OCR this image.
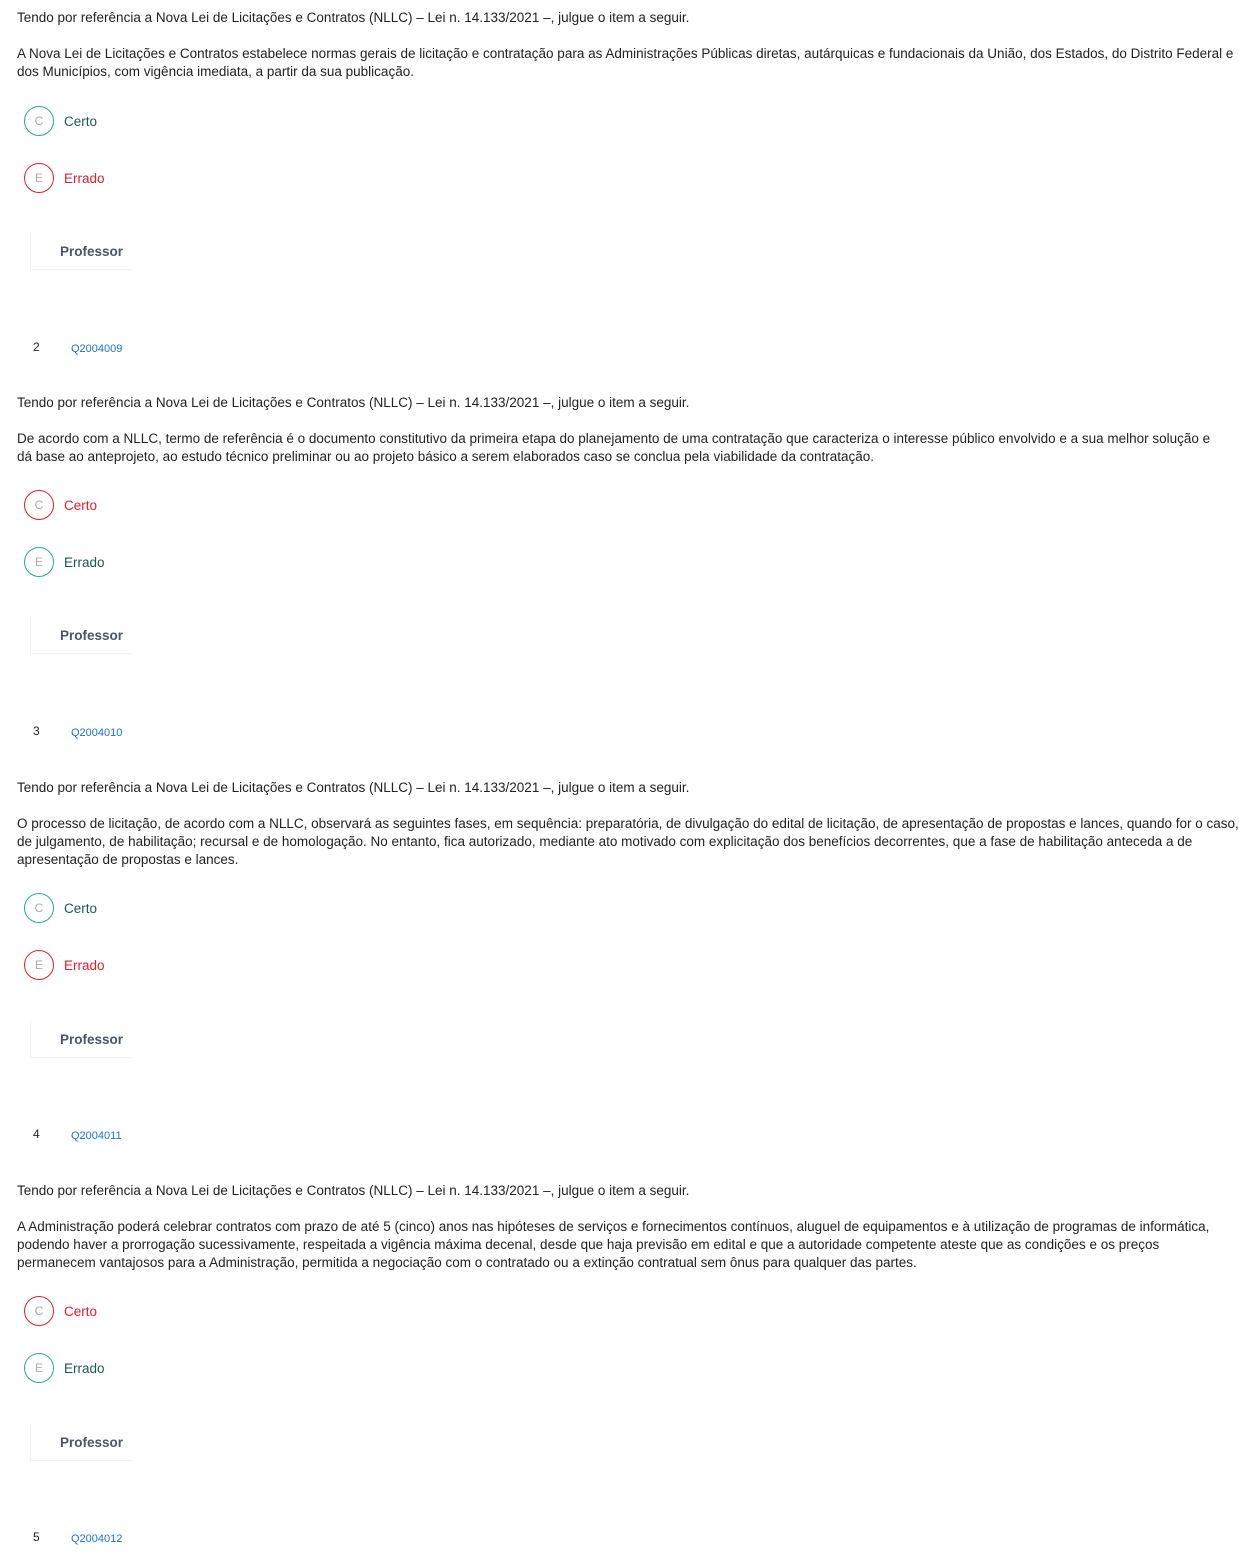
Tendo por referência a Nova Lei de Licitações e Contratos (NLLC) – Lei n. 14.133/2021 –, julgue o item a seguir.
A Nova Lei de Licitações e Contratos estabelece normas gerais de licitação e contratação para as Administrações Públicas diretas, autárquicas e fundacionais da União, dos Estados, do Distrito Federal e
dos Municípios, com vigência imediata, a partir da sua publicação.
C	Certo
E	Errado
Professor
2	Q2004009
Tendo por referência a Nova Lei de Licitações e Contratos (NLLC) – Lei n. 14.133/2021 –, julgue o item a seguir.
De acordo com a NLLC, termo de referência é o documento constitutivo da primeira etapa do planejamento de uma contratação que caracteriza o interesse público envolvido e a sua melhor solução e
dá base ao anteprojeto, ao estudo técnico preliminar ou ao projeto básico a serem elaborados caso se conclua pela viabilidade da contratação.
C	Certo
E	Errado
Professor
3	Q2004010
Tendo por referência a Nova Lei de Licitações e Contratos (NLLC) – Lei n. 14.133/2021 –, julgue o item a seguir.
O processo de licitação, de acordo com a NLLC, observará as seguintes fases, em sequência: preparatória, de divulgação do edital de licitação, de apresentação de propostas e lances, quando for o caso,
de julgamento, de habilitação; recursal e de homologação. No entanto, fica autorizado, mediante ato motivado com explicitação dos benefícios decorrentes, que a fase de habilitação anteceda a de
apresentação de propostas e lances.
C	Certo
E	Errado
Professor
4	Q2004011
Tendo por referência a Nova Lei de Licitações e Contratos (NLLC) – Lei n. 14.133/2021 –, julgue o item a seguir.
A Administração poderá celebrar contratos com prazo de até 5 (cinco) anos nas hipóteses de serviços e fornecimentos contínuos, aluguel de equipamentos e à utilização de programas de informática,
podendo haver a prorrogação sucessivamente, respeitada a vigência máxima decenal, desde que haja previsão em edital e que a autoridade competente ateste que as condições e os preços
permanecem vantajosos para a Administração, permitida a negociação com o contratado ou a extinção contratual sem ônus para qualquer das partes.
C	Certo
E	Errado
Professor
5	Q2004012
